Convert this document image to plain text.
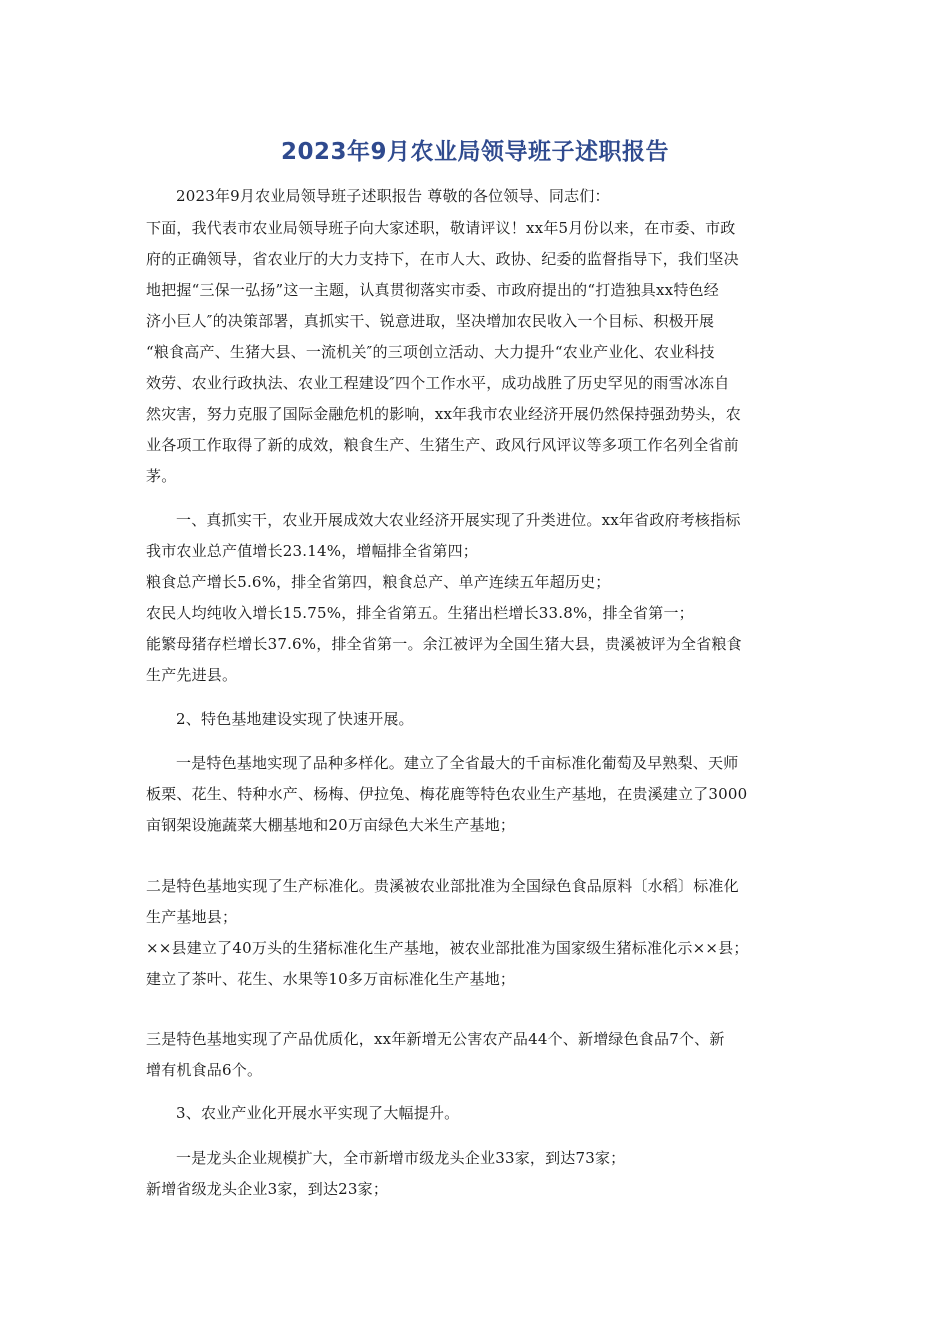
2023年9月农业局领导班子述职报告
2023年9月农业局领导班子述职报告 尊敬的各位领导、同志们：
下面，我代表市农业局领导班子向大家述职，敬请评议！xx年5月份以来，在市委、市政
府的正确领导，省农业厅的大力支持下，在市人大、政协、纪委的监督指导下，我们坚决
地把握“三保一弘扬”这一主题，认真贯彻落实市委、市政府提出的“打造独具xx特色经
济小巨人″的决策部署，真抓实干、锐意进取，坚决增加农民收入一个目标、积极开展
“粮食高产、生猪大县、一流机关″的三项创立活动、大力提升“农业产业化、农业科技
效劳、农业行政执法、农业工程建设″四个工作水平，成功战胜了历史罕见的雨雪冰冻自
然灾害，努力克服了国际金融危机的影响，xx年我市农业经济开展仍然保持强劲势头，农
业各项工作取得了新的成效，粮食生产、生猪生产、政风行风评议等多项工作名列全省前
茅。
一、真抓实干，农业开展成效大农业经济开展实现了升类进位。xx年省政府考核指标
我市农业总产值增长23.14%，增幅排全省第四；
粮食总产增长5.6%，排全省第四，粮食总产、单产连续五年超历史；
农民人均纯收入增长15.75%，排全省第五。生猪出栏增长33.8%，排全省第一；
能繁母猪存栏增长37.6%，排全省第一。余江被评为全国生猪大县，贵溪被评为全省粮食
生产先进县。
2、特色基地建设实现了快速开展。
一是特色基地实现了品种多样化。建立了全省最大的千亩标准化葡萄及早熟梨、天师
板栗、花生、特种水产、杨梅、伊拉兔、梅花鹿等特色农业生产基地，在贵溪建立了3000
亩钢架设施蔬菜大棚基地和20万亩绿色大米生产基地；
二是特色基地实现了生产标准化。贵溪被农业部批准为全国绿色食品原料〔水稻〕标准化
生产基地县；
××县建立了40万头的生猪标准化生产基地，被农业部批准为国家级生猪标准化示××县；
建立了茶叶、花生、水果等10多万亩标准化生产基地；
三是特色基地实现了产品优质化，xx年新增无公害农产品44个、新增绿色食品7个、新
增有机食品6个。
3、农业产业化开展水平实现了大幅提升。
一是龙头企业规模扩大，全市新增市级龙头企业33家，到达73家；
新增省级龙头企业3家，到达23家；
